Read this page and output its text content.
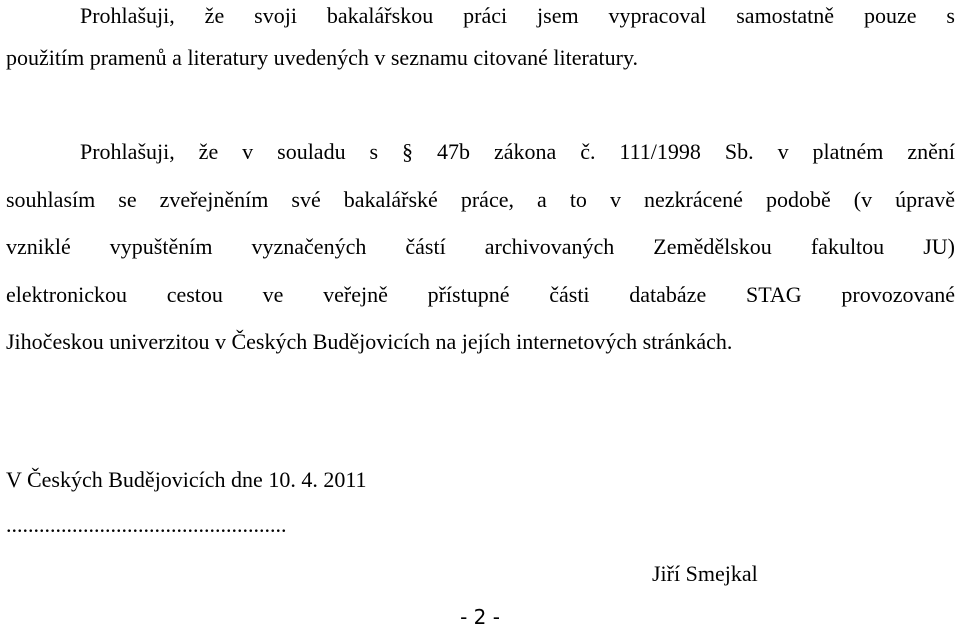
Prohlašuji, že svoji bakalářskou práci jsem vypracoval samostatně pouze s
použitím pramenů a literatury uvedených v seznamu citované literatury.
Prohlašuji, že v souladu s § 47b zákona č. 111/1998 Sb. v platném znění
souhlasím se zveřejněním své bakalářské práce, a to v nezkrácené podobě (v úpravě
vzniklé vypuštěním vyznačených částí archivovaných Zemědělskou fakultou JU)
elektronickou cestou ve veřejně přístupné části databáze STAG provozované
Jihočeskou univerzitou v Českých Budějovicích na jejích internetových stránkách.
V Českých Budějovicích dne 10. 4. 2011
...................................................
Jiří Smejkal
- 2 -
